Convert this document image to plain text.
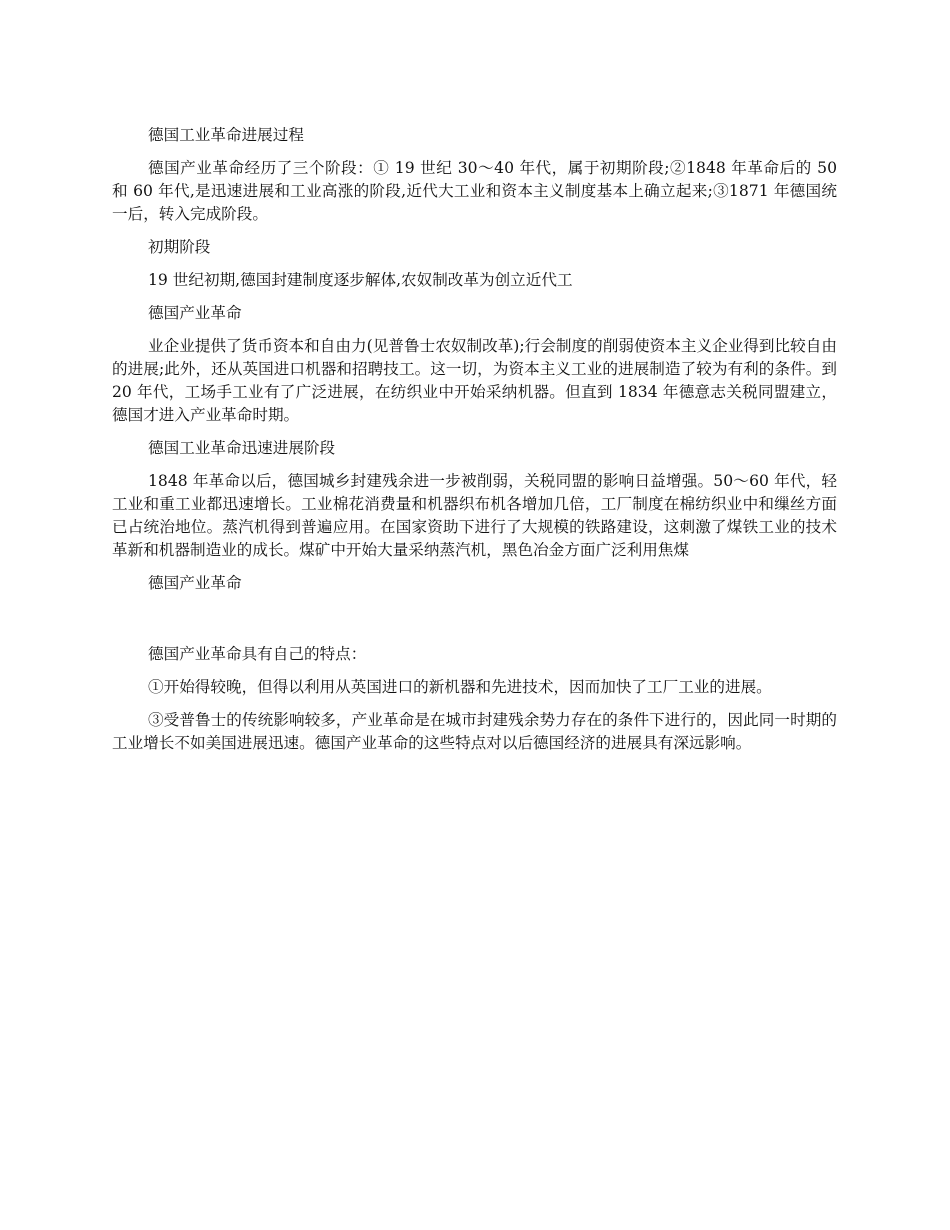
德国工业革命进展过程

德国产业革命经历了三个阶段：① 19 世纪 30～40 年代，属于初期阶段;②1848 年革命后的 50 和 60 年代,是迅速进展和工业高涨的阶段,近代大工业和资本主义制度基本上确立起来;③1871 年德国统一后，转入完成阶段。

初期阶段

19 世纪初期,德国封建制度逐步解体,农奴制改革为创立近代工

德国产业革命

业企业提供了货币资本和自由力(见普鲁士农奴制改革);行会制度的削弱使资本主义企业得到比较自由的进展;此外，还从英国进口机器和招聘技工。这一切，为资本主义工业的进展制造了较为有利的条件。到 20 年代，工场手工业有了广泛进展，在纺织业中开始采纳机器。但直到 1834 年德意志关税同盟建立，德国才进入产业革命时期。

德国工业革命迅速进展阶段

1848 年革命以后，德国城乡封建残余进一步被削弱，关税同盟的影响日益增强。50～60 年代，轻工业和重工业都迅速增长。工业棉花消费量和机器织布机各增加几倍，工厂制度在棉纺织业中和缫丝方面已占统治地位。蒸汽机得到普遍应用。在国家资助下进行了大规模的铁路建设，这刺激了煤铁工业的技术革新和机器制造业的成长。煤矿中开始大量采纳蒸汽机，黑色冶金方面广泛利用焦煤

德国产业革命

德国产业革命具有自己的特点：

①开始得较晚，但得以利用从英国进口的新机器和先进技术，因而加快了工厂工业的进展。

③受普鲁士的传统影响较多，产业革命是在城市封建残余势力存在的条件下进行的，因此同一时期的工业增长不如美国进展迅速。德国产业革命的这些特点对以后德国经济的进展具有深远影响。
